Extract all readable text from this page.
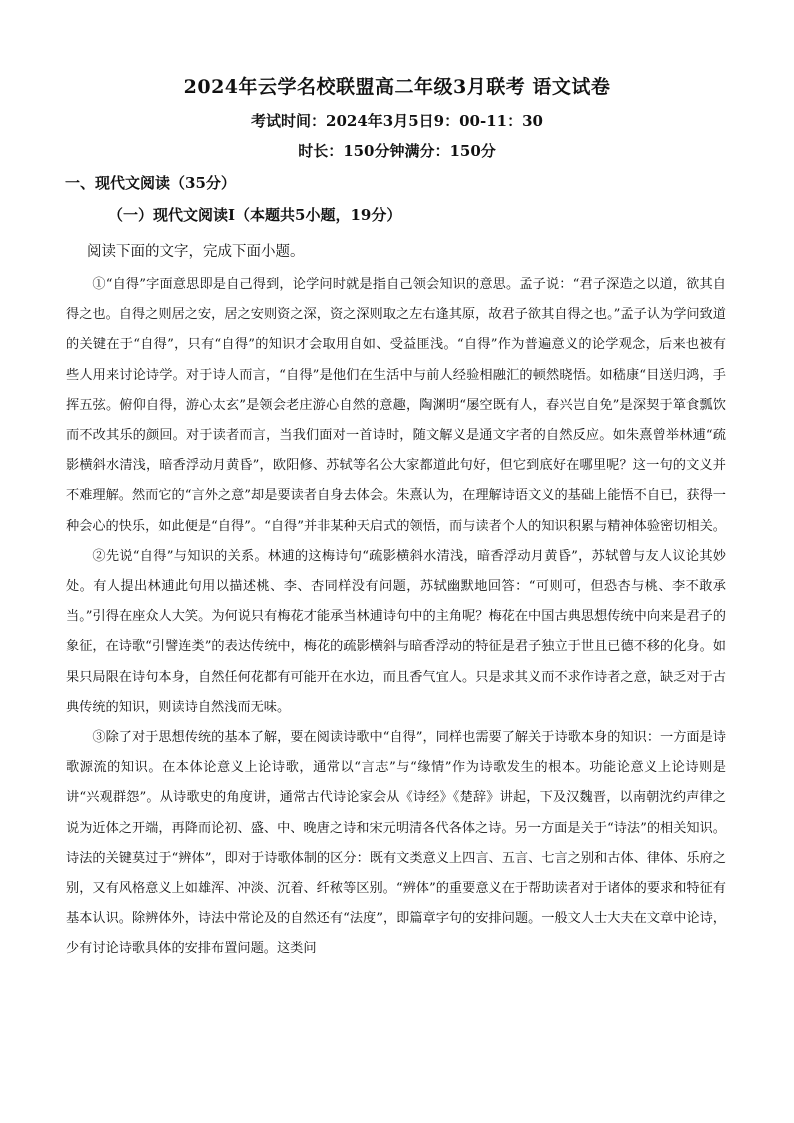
2024年云学名校联盟高二年级3月联考 语文试卷
考试时间：2024年3月5日9：00-11：30
时长：150分钟满分：150分
一、现代文阅读（35分）
（一）现代文阅读Ⅰ（本题共5小题，19分）
阅读下面的文字，完成下面小题。

①“自得”字面意思即是自己得到，论学问时就是指自己领会知识的意思。孟子说：“君子深造之以道，欲其自得之也。自得之则居之安，居之安则资之深，资之深则取之左右逢其原，故君子欲其自得之也。”孟子认为学问致道的关键在于“自得”，只有“自得”的知识才会取用自如、受益匪浅。“自得”作为普遍意义的论学观念，后来也被有些人用来讨论诗学。对于诗人而言，“自得”是他们在生活中与前人经验相融汇的顿然晓悟。如嵇康“目送归鸿，手挥五弦。俯仰自得，游心太玄”是领会老庄游心自然的意趣，陶渊明“屡空既有人，春兴岂自免”是深契于箪食瓢饮而不改其乐的颜回。对于读者而言，当我们面对一首诗时，随文解义是通文字者的自然反应。如朱熹曾举林逋“疏影横斜水清浅，暗香浮动月黄昏”，欧阳修、苏轼等名公大家都道此句好，但它到底好在哪里呢？这一句的文义并不难理解。然而它的“言外之意”却是要读者自身去体会。朱熹认为，在理解诗语文义的基础上能悟不自已，获得一种会心的快乐，如此便是“自得”。“自得”并非某种天启式的领悟，而与读者个人的知识积累与精神体验密切相关。

②先说“自得”与知识的关系。林逋的这梅诗句“疏影横斜水清浅，暗香浮动月黄昏”，苏轼曾与友人议论其妙处。有人提出林逋此句用以描述桃、李、杏同样没有问题，苏轼幽默地回答：“可则可，但恐杏与桃、李不敢承当。”引得在座众人大笑。为何说只有梅花才能承当林逋诗句中的主角呢？梅花在中国古典思想传统中向来是君子的象征，在诗歌“引譬连类”的表达传统中，梅花的疏影横斜与暗香浮动的特征是君子独立于世且已德不移的化身。如果只局限在诗句本身，自然任何花都有可能开在水边，而且香气宜人。只是求其义而不求作诗者之意，缺乏对于古典传统的知识，则读诗自然浅而无味。

③除了对于思想传统的基本了解，要在阅读诗歌中“自得”，同样也需要了解关于诗歌本身的知识：一方面是诗歌源流的知识。在本体论意义上论诗歌，通常以“言志”与“缘情”作为诗歌发生的根本。功能论意义上论诗则是讲“兴观群怨”。从诗歌史的角度讲，通常古代诗论家会从《诗经》《楚辞》讲起，下及汉魏晋，以南朝沈约声律之说为近体之开端，再降而论初、盛、中、晚唐之诗和宋元明清各代各体之诗。另一方面是关于“诗法”的相关知识。诗法的关键莫过于“辨体”，即对于诗歌体制的区分：既有文类意义上四言、五言、七言之别和古体、律体、乐府之别，又有风格意义上如雄浑、冲淡、沉着、纤秾等区别。“辨体”的重要意义在于帮助读者对于诸体的要求和特征有基本认识。除辨体外，诗法中常论及的自然还有“法度”，即篇章字句的安排问题。一般文人士大夫在文章中论诗，少有讨论诗歌具体的安排布置问题。这类问
